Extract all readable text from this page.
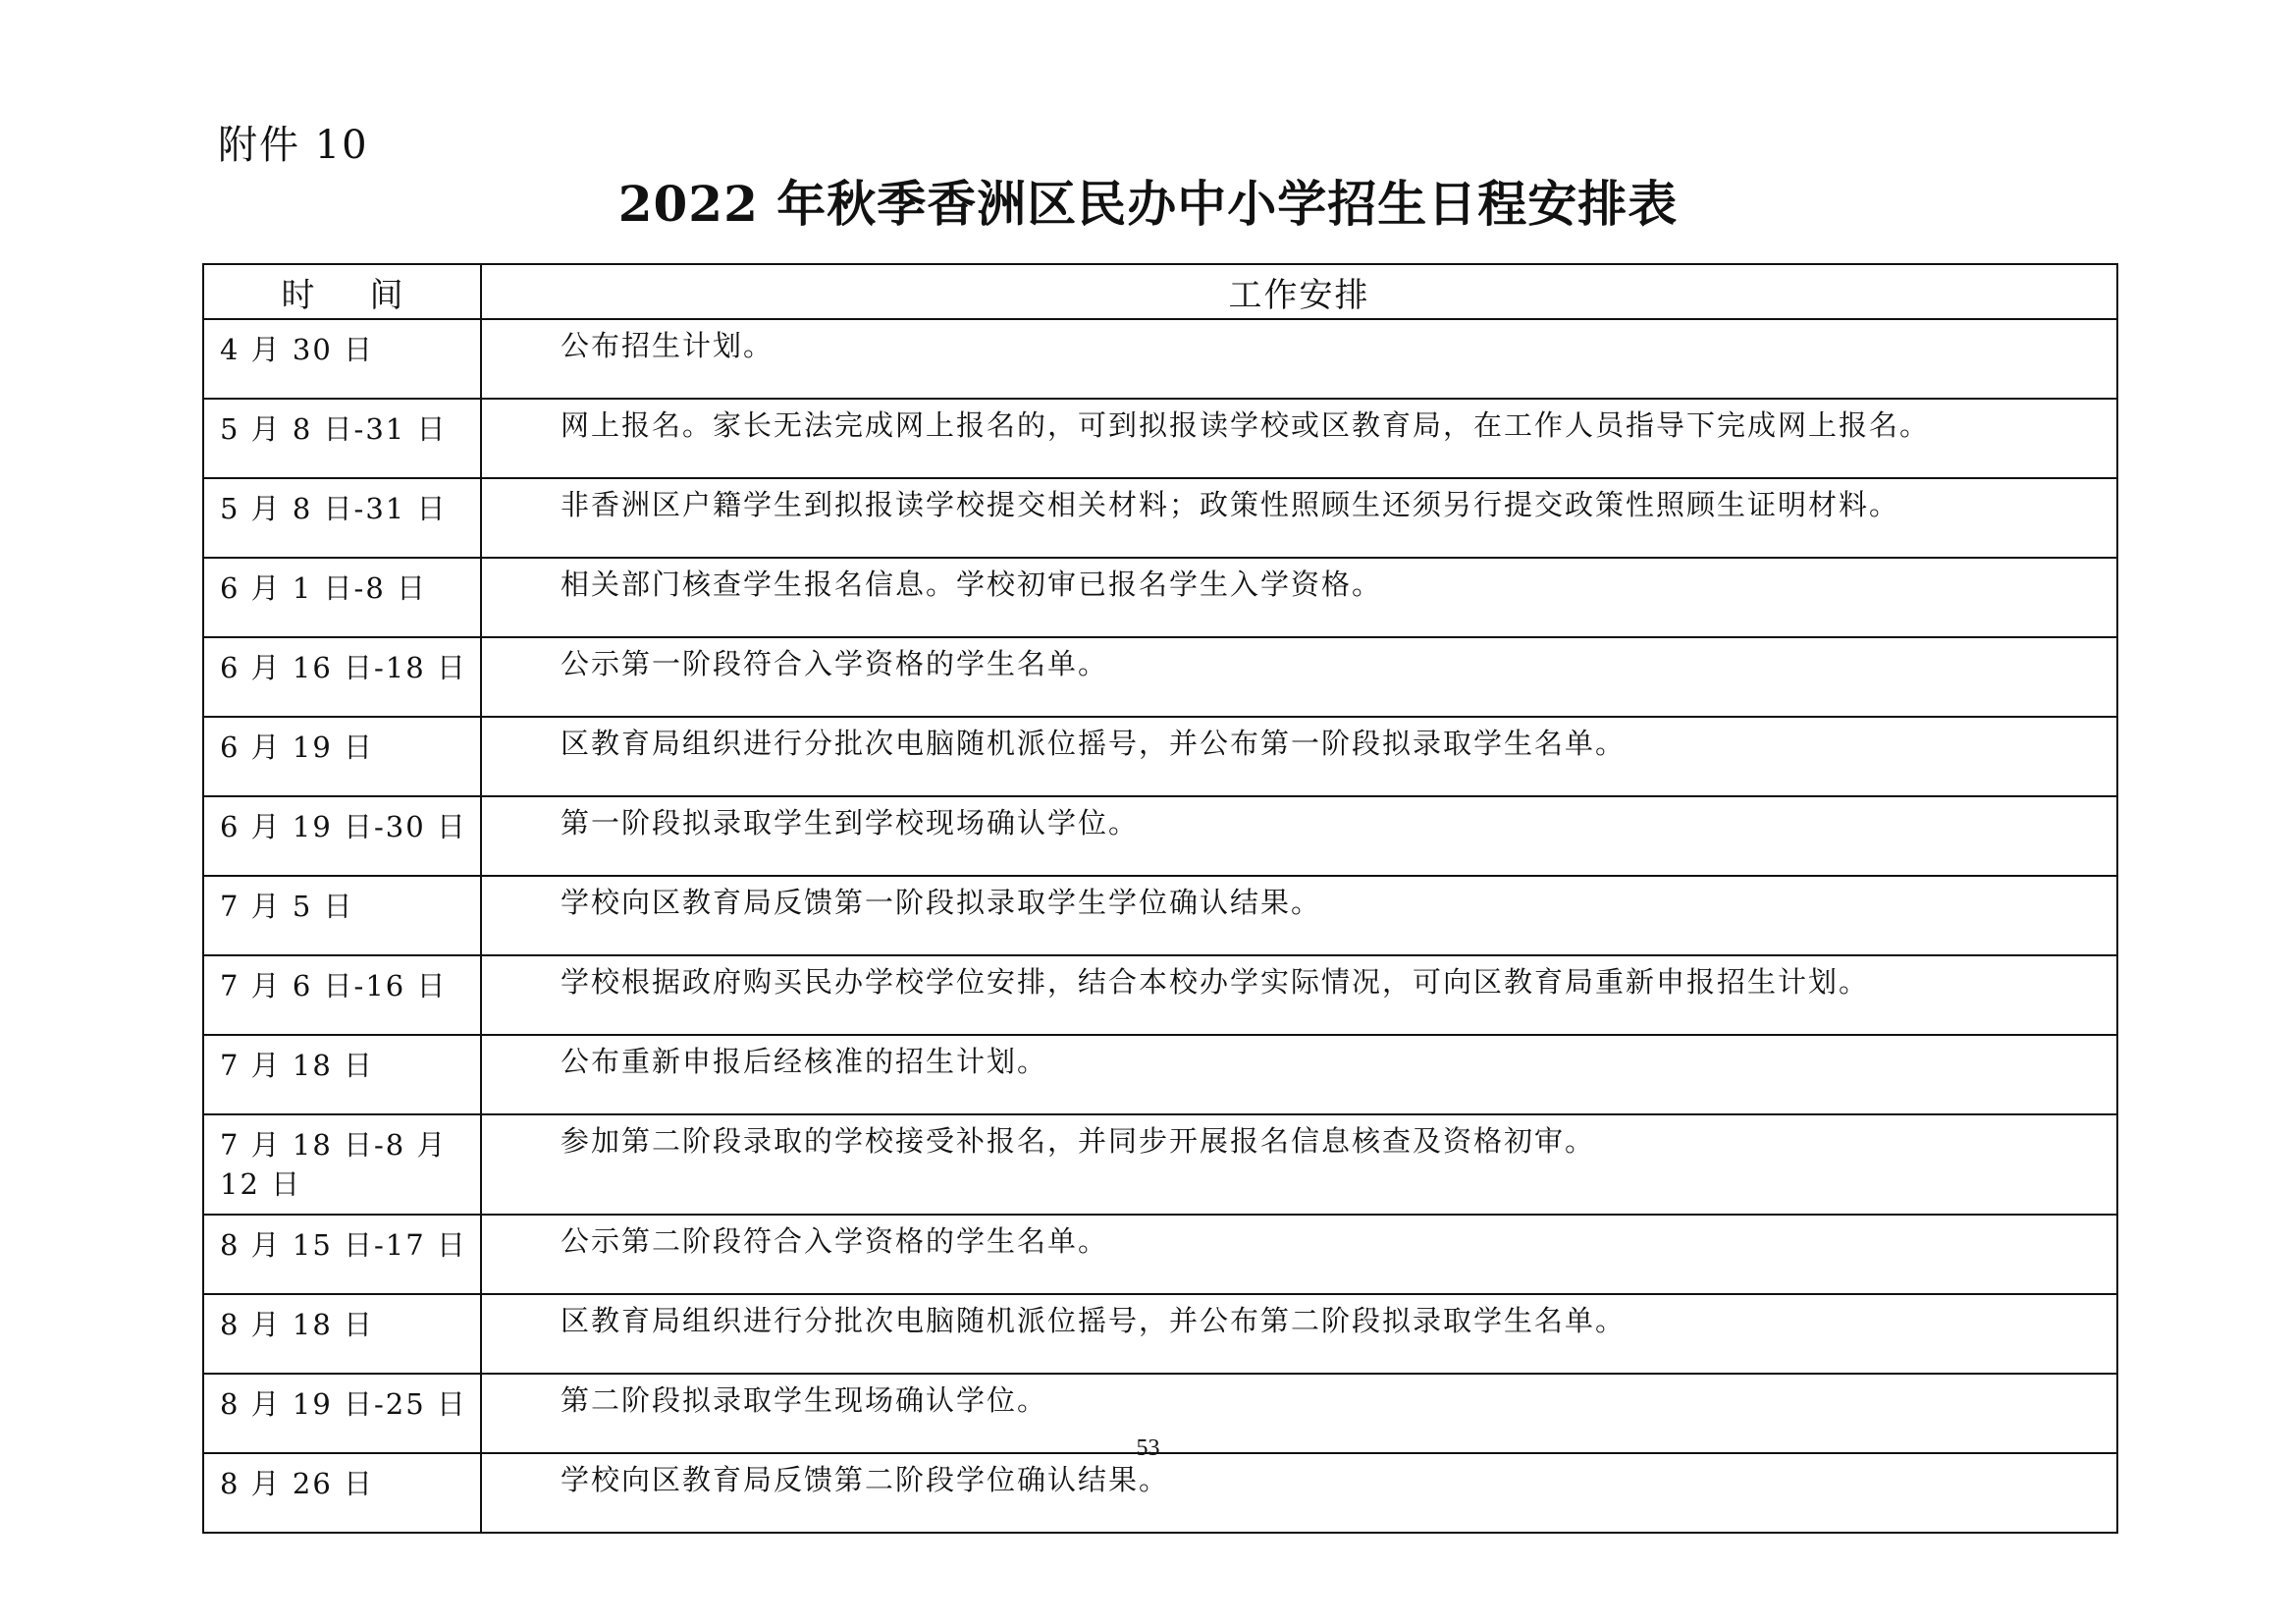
附件 10

2022 年秋季香洲区民办中小学招生日程安排表
时间	工作安排
4 月 30 日	公布招生计划。
5 月 8 日-31 日	网上报名。家长无法完成网上报名的，可到拟报读学校或区教育局，在工作人员指导下完成网上报名。
5 月 8 日-31 日	非香洲区户籍学生到拟报读学校提交相关材料；政策性照顾生还须另行提交政策性照顾生证明材料。
6 月 1 日-8 日	相关部门核查学生报名信息。学校初审已报名学生入学资格。
6 月 16 日-18 日	公示第一阶段符合入学资格的学生名单。
6 月 19 日	区教育局组织进行分批次电脑随机派位摇号，并公布第一阶段拟录取学生名单。
6 月 19 日-30 日	第一阶段拟录取学生到学校现场确认学位。
7 月 5 日	学校向区教育局反馈第一阶段拟录取学生学位确认结果。
7 月 6 日-16 日	学校根据政府购买民办学校学位安排，结合本校办学实际情况，可向区教育局重新申报招生计划。
7 月 18 日	公布重新申报后经核准的招生计划。
7 月 18 日-8 月 12 日	参加第二阶段录取的学校接受补报名，并同步开展报名信息核查及资格初审。
8 月 15 日-17 日	公示第二阶段符合入学资格的学生名单。
8 月 18 日	区教育局组织进行分批次电脑随机派位摇号，并公布第二阶段拟录取学生名单。
8 月 19 日-25 日	第二阶段拟录取学生现场确认学位。
8 月 26 日	学校向区教育局反馈第二阶段学位确认结果。

53
